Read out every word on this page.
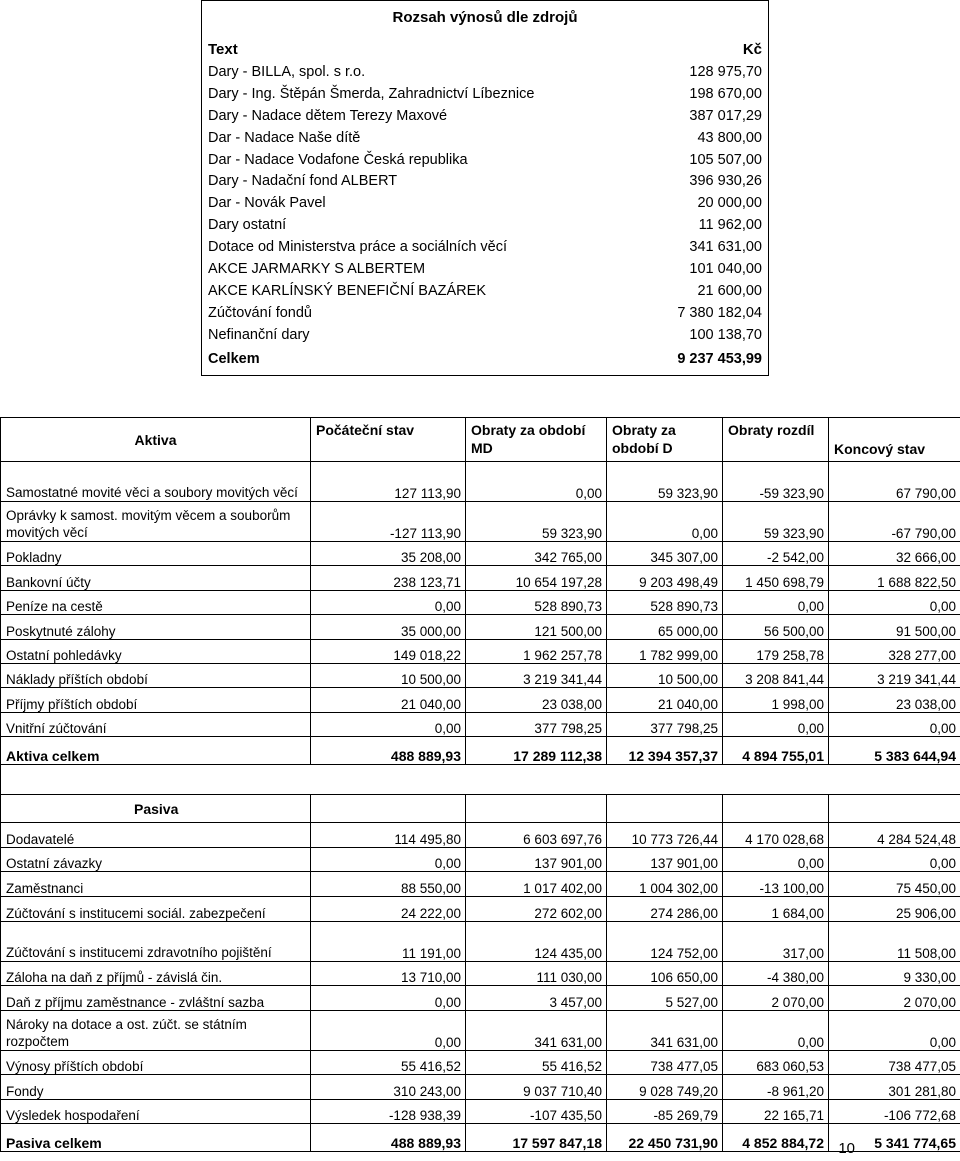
Rozsah výnosů dle zdrojů
Text	Kč
Dary - BILLA, spol. s r.o.	128 975,70
Dary - Ing. Štěpán Šmerda, Zahradnictví Líbeznice	198 670,00
Dary - Nadace dětem Terezy Maxové	387 017,29
Dar - Nadace Naše dítě	43 800,00
Dar - Nadace Vodafone Česká republika	105 507,00
Dary - Nadační fond ALBERT	396 930,26
Dar - Novák Pavel	20 000,00
Dary ostatní	11 962,00
Dotace od Ministerstva práce a sociálních věcí	341 631,00
AKCE JARMARKY S ALBERTEM	101 040,00
AKCE KARLÍNSKÝ BENEFIČNÍ BAZÁREK	21 600,00
Zúčtování fondů	7 380 182,04
Nefinanční dary	100 138,70
Celkem	9 237 453,99
Aktiva	Počáteční stav	Obraty za období MD	Obraty za období D	Obraty rozdíl	Koncový stav
Samostatné movité věci a soubory movitých věcí	127 113,90	0,00	59 323,90	-59 323,90	67 790,00
Oprávky k samost. movitým věcem a souborům movitých věcí	-127 113,90	59 323,90	0,00	59 323,90	-67 790,00
Pokladny	35 208,00	342 765,00	345 307,00	-2 542,00	32 666,00
Bankovní účty	238 123,71	10 654 197,28	9 203 498,49	1 450 698,79	1 688 822,50
Peníze na cestě	0,00	528 890,73	528 890,73	0,00	0,00
Poskytnuté zálohy	35 000,00	121 500,00	65 000,00	56 500,00	91 500,00
Ostatní pohledávky	149 018,22	1 962 257,78	1 782 999,00	179 258,78	328 277,00
Náklady příštích období	10 500,00	3 219 341,44	10 500,00	3 208 841,44	3 219 341,44
Příjmy příštích období	21 040,00	23 038,00	21 040,00	1 998,00	23 038,00
Vnitřní zúčtování	0,00	377 798,25	377 798,25	0,00	0,00
Aktiva celkem	488 889,93	17 289 112,38	12 394 357,37	4 894 755,01	5 383 644,94

Pasiva					
Dodavatelé	114 495,80	6 603 697,76	10 773 726,44	4 170 028,68	4 284 524,48
Ostatní závazky	0,00	137 901,00	137 901,00	0,00	0,00
Zaměstnanci	88 550,00	1 017 402,00	1 004 302,00	-13 100,00	75 450,00
Zúčtování s institucemi sociál. zabezpečení	24 222,00	272 602,00	274 286,00	1 684,00	25 906,00
Zúčtování s institucemi zdravotního pojištění	11 191,00	124 435,00	124 752,00	317,00	11 508,00
Záloha na daň z příjmů - závislá čin.	13 710,00	111 030,00	106 650,00	-4 380,00	9 330,00
Daň z příjmu zaměstnance - zvláštní sazba	0,00	3 457,00	5 527,00	2 070,00	2 070,00
Nároky na dotace a ost. zúčt. se státním rozpočtem	0,00	341 631,00	341 631,00	0,00	0,00
Výnosy příštích období	55 416,52	55 416,52	738 477,05	683 060,53	738 477,05
Fondy	310 243,00	9 037 710,40	9 028 749,20	-8 961,20	301 281,80
Výsledek hospodaření	-128 938,39	-107 435,50	-85 269,79	22 165,71	-106 772,68
Pasiva celkem	488 889,93	17 597 847,18	22 450 731,90	4 852 884,72	5 341 774,65
10
